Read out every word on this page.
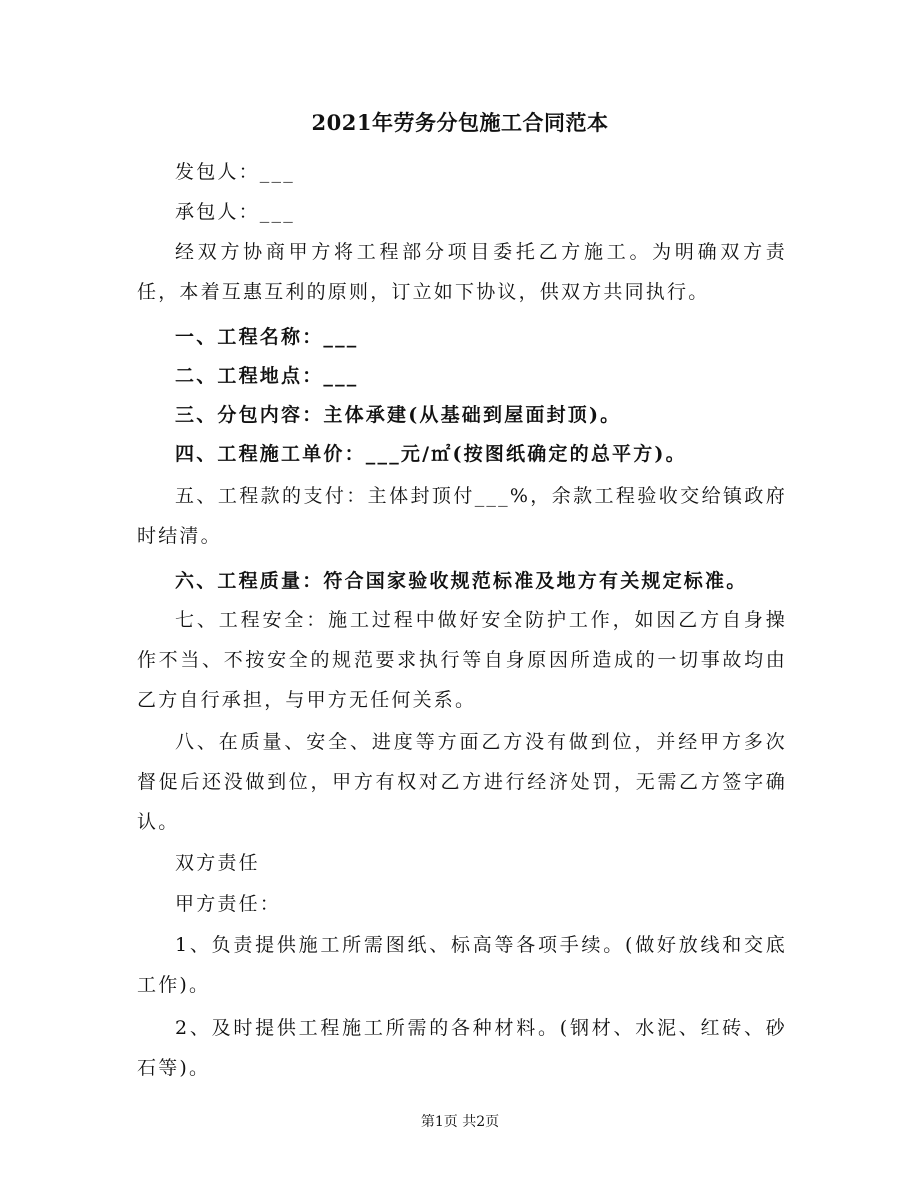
2021年劳务分包施工合同范本
发包人：___
承包人：___
经双方协商甲方将工程部分项目委托乙方施工。为明确双方责任，本着互惠互利的原则，订立如下协议，供双方共同执行。
一、工程名称：___
二、工程地点：___
三、分包内容：主体承建(从基础到屋面封顶)。
四、工程施工单价：___元/㎡(按图纸确定的总平方)。
五、工程款的支付：主体封顶付___%，余款工程验收交给镇政府时结清。
六、工程质量：符合国家验收规范标准及地方有关规定标准。
七、工程安全：施工过程中做好安全防护工作，如因乙方自身操作不当、不按安全的规范要求执行等自身原因所造成的一切事故均由乙方自行承担，与甲方无任何关系。
八、在质量、安全、进度等方面乙方没有做到位，并经甲方多次督促后还没做到位，甲方有权对乙方进行经济处罚，无需乙方签字确认。
双方责任
甲方责任：
1、负责提供施工所需图纸、标高等各项手续。(做好放线和交底工作)。
2、及时提供工程施工所需的各种材料。(钢材、水泥、红砖、砂石等)。
第1页 共2页
